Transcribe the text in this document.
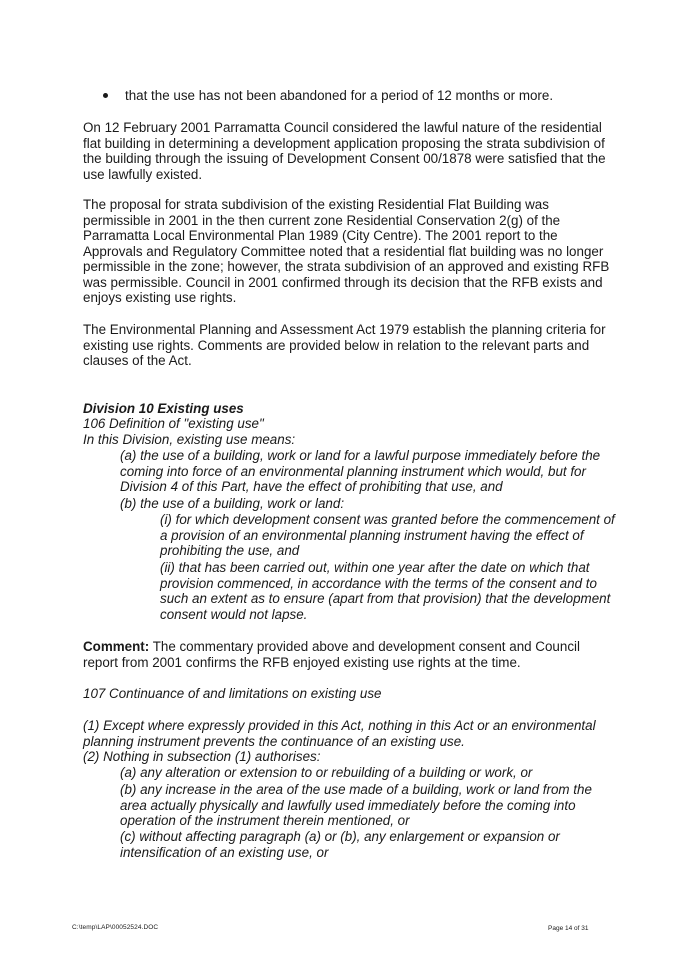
that the use has not been abandoned for a period of 12 months or more.

On 12 February 2001 Parramatta Council considered the lawful nature of the residential flat building in determining a development application proposing the strata subdivision of the building through the issuing of Development Consent 00/1878 were satisfied that the use lawfully existed.

The proposal for strata subdivision of the existing Residential Flat Building was permissible in 2001 in the then current zone Residential Conservation 2(g) of the Parramatta Local Environmental Plan 1989 (City Centre). The 2001 report to the Approvals and Regulatory Committee noted that a residential flat building was no longer permissible in the zone; however, the strata subdivision of an approved and existing RFB was permissible. Council in 2001 confirmed through its decision that the RFB exists and enjoys existing use rights.

The Environmental Planning and Assessment Act 1979 establish the planning criteria for existing use rights. Comments are provided below in relation to the relevant parts and clauses of the Act.

Division 10 Existing uses

106 Definition of "existing use"

In this Division, existing use means:

(a) the use of a building, work or land for a lawful purpose immediately before the coming into force of an environmental planning instrument which would, but for Division 4 of this Part, have the effect of prohibiting that use, and

(b) the use of a building, work or land:

(i) for which development consent was granted before the commencement of a provision of an environmental planning instrument having the effect of prohibiting the use, and

(ii) that has been carried out, within one year after the date on which that provision commenced, in accordance with the terms of the consent and to such an extent as to ensure (apart from that provision) that the development consent would not lapse.

Comment: The commentary provided above and development consent and Council report from 2001 confirms the RFB enjoyed existing use rights at the time.

107 Continuance of and limitations on existing use

(1) Except where expressly provided in this Act, nothing in this Act or an environmental planning instrument prevents the continuance of an existing use.

(2) Nothing in subsection (1) authorises:

(a) any alteration or extension to or rebuilding of a building or work, or

(b) any increase in the area of the use made of a building, work or land from the area actually physically and lawfully used immediately before the coming into operation of the instrument therein mentioned, or

(c) without affecting paragraph (a) or (b), any enlargement or expansion or intensification of an existing use, or

C:\temp\LAP\00052524.DOC	Page 14 of 31
